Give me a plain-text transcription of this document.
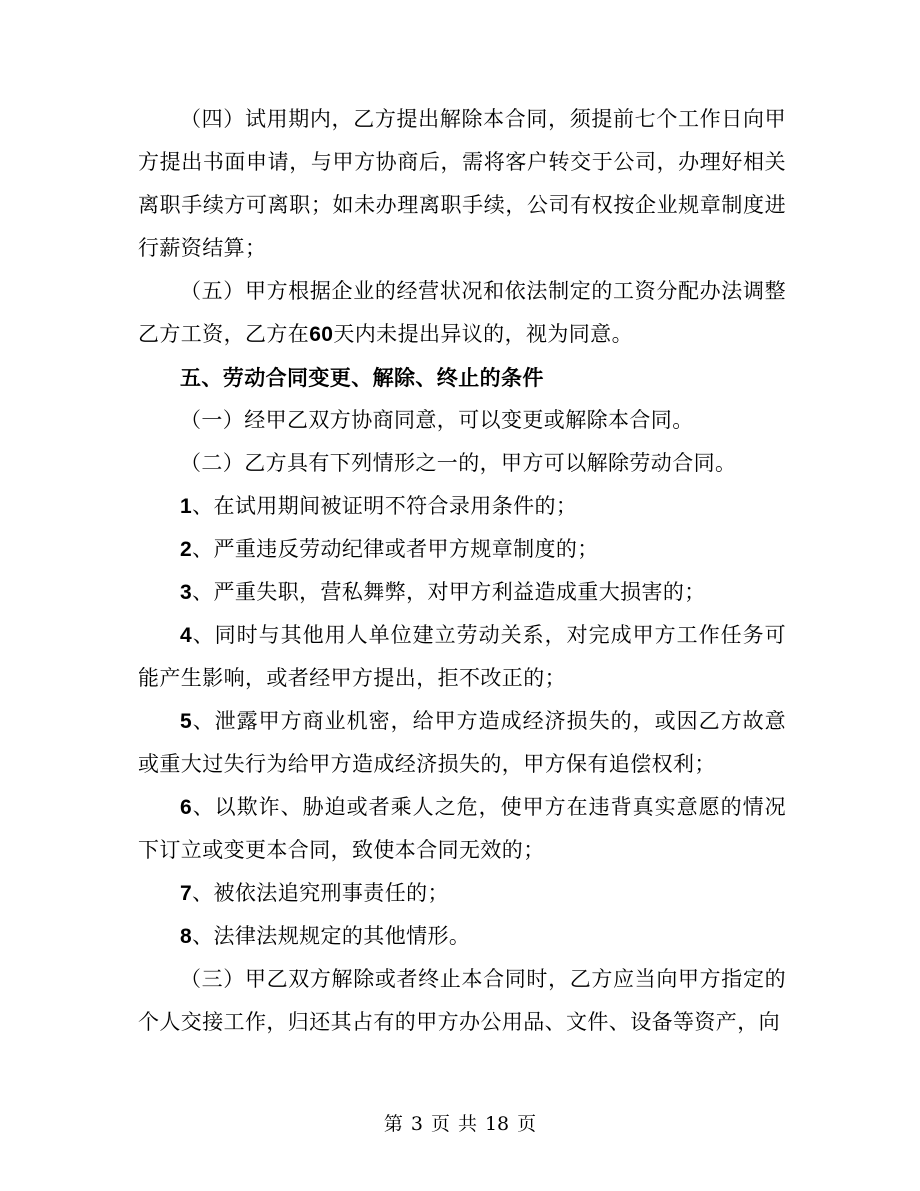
（四）试用期内，乙方提出解除本合同，须提前七个工作日向甲方提出书面申请，与甲方协商后，需将客户转交于公司，办理好相关离职手续方可离职；如未办理离职手续，公司有权按企业规章制度进行薪资结算；

（五）甲方根据企业的经营状况和依法制定的工资分配办法调整乙方工资，乙方在60天内未提出异议的，视为同意。

五、劳动合同变更、解除、终止的条件

（一）经甲乙双方协商同意，可以变更或解除本合同。

（二）乙方具有下列情形之一的，甲方可以解除劳动合同。

1、在试用期间被证明不符合录用条件的；

2、严重违反劳动纪律或者甲方规章制度的；

3、严重失职，营私舞弊，对甲方利益造成重大损害的；

4、同时与其他用人单位建立劳动关系，对完成甲方工作任务可能产生影响，或者经甲方提出，拒不改正的；

5、泄露甲方商业机密，给甲方造成经济损失的，或因乙方故意或重大过失行为给甲方造成经济损失的，甲方保有追偿权利；

6、以欺诈、胁迫或者乘人之危，使甲方在违背真实意愿的情况下订立或变更本合同，致使本合同无效的；

7、被依法追究刑事责任的；

8、法律法规规定的其他情形。

（三）甲乙双方解除或者终止本合同时，乙方应当向甲方指定的个人交接工作，归还其占有的甲方办公用品、文件、设备等资产，向

第 3 页 共 18 页
